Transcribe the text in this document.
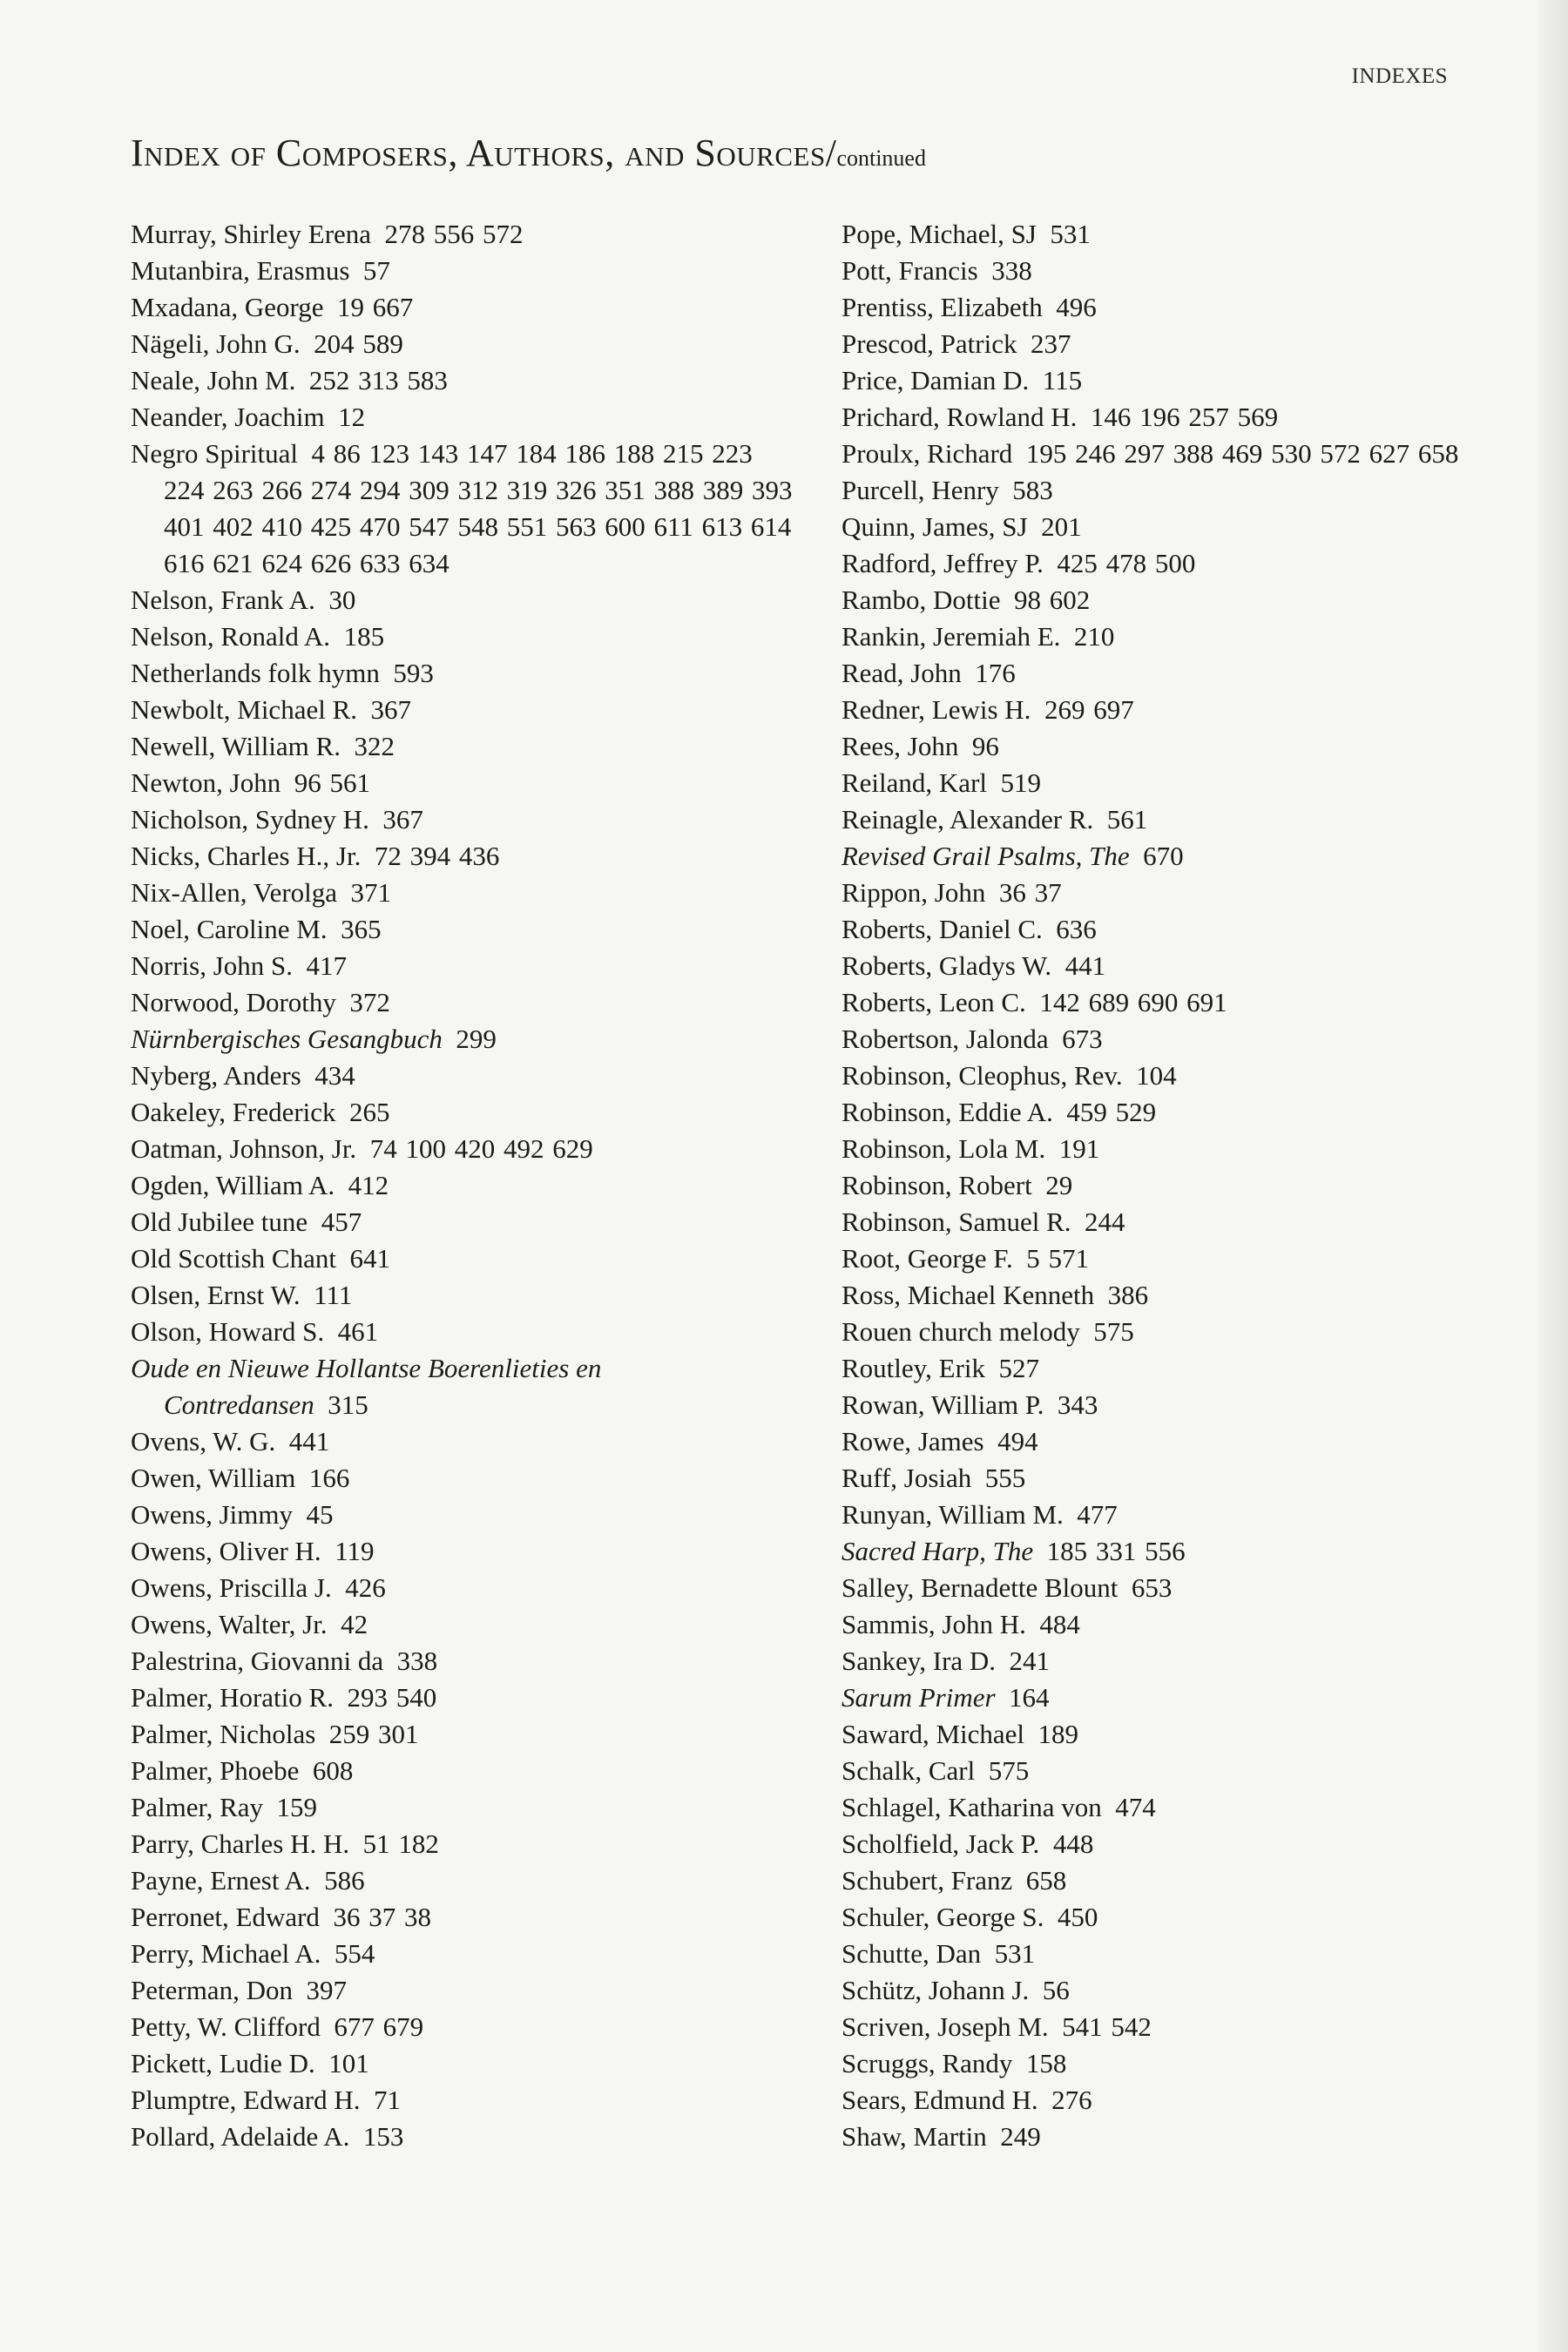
INDEXES
Index of Composers, Authors, and Sources/continued
Murray, Shirley Erena 278 556 572
Mutanbira, Erasmus 57
Mxadana, George 19 667
Nägeli, John G. 204 589
Neale, John M. 252 313 583
Neander, Joachim 12
Negro Spiritual 4 86 123 143 147 184 186 188 215 223 224 263 266 274 294 309 312 319 326 351 388 389 393 401 402 410 425 470 547 548 551 563 600 611 613 614 616 621 624 626 633 634
Nelson, Frank A. 30
Nelson, Ronald A. 185
Netherlands folk hymn 593
Newbolt, Michael R. 367
Newell, William R. 322
Newton, John 96 561
Nicholson, Sydney H. 367
Nicks, Charles H., Jr. 72 394 436
Nix-Allen, Verolga 371
Noel, Caroline M. 365
Norris, John S. 417
Norwood, Dorothy 372
Nürnbergisches Gesangbuch 299
Nyberg, Anders 434
Oakeley, Frederick 265
Oatman, Johnson, Jr. 74 100 420 492 629
Ogden, William A. 412
Old Jubilee tune 457
Old Scottish Chant 641
Olsen, Ernst W. 111
Olson, Howard S. 461
Oude en Nieuwe Hollantse Boerenlieties en Contredansen 315
Ovens, W. G. 441
Owen, William 166
Owens, Jimmy 45
Owens, Oliver H. 119
Owens, Priscilla J. 426
Owens, Walter, Jr. 42
Palestrina, Giovanni da 338
Palmer, Horatio R. 293 540
Palmer, Nicholas 259 301
Palmer, Phoebe 608
Palmer, Ray 159
Parry, Charles H. H. 51 182
Payne, Ernest A. 586
Perronet, Edward 36 37 38
Perry, Michael A. 554
Peterman, Don 397
Petty, W. Clifford 677 679
Pickett, Ludie D. 101
Plumptre, Edward H. 71
Pollard, Adelaide A. 153
Pope, Michael, SJ 531
Pott, Francis 338
Prentiss, Elizabeth 496
Prescod, Patrick 237
Price, Damian D. 115
Prichard, Rowland H. 146 196 257 569
Proulx, Richard 195 246 297 388 469 530 572 627 658
Purcell, Henry 583
Quinn, James, SJ 201
Radford, Jeffrey P. 425 478 500
Rambo, Dottie 98 602
Rankin, Jeremiah E. 210
Read, John 176
Redner, Lewis H. 269 697
Rees, John 96
Reiland, Karl 519
Reinagle, Alexander R. 561
Revised Grail Psalms, The 670
Rippon, John 36 37
Roberts, Daniel C. 636
Roberts, Gladys W. 441
Roberts, Leon C. 142 689 690 691
Robertson, Jalonda 673
Robinson, Cleophus, Rev. 104
Robinson, Eddie A. 459 529
Robinson, Lola M. 191
Robinson, Robert 29
Robinson, Samuel R. 244
Root, George F. 5 571
Ross, Michael Kenneth 386
Rouen church melody 575
Routley, Erik 527
Rowan, William P. 343
Rowe, James 494
Ruff, Josiah 555
Runyan, William M. 477
Sacred Harp, The 185 331 556
Salley, Bernadette Blount 653
Sammis, John H. 484
Sankey, Ira D. 241
Sarum Primer 164
Saward, Michael 189
Schalk, Carl 575
Schlagel, Katharina von 474
Scholfield, Jack P. 448
Schubert, Franz 658
Schuler, George S. 450
Schutte, Dan 531
Schütz, Johann J. 56
Scriven, Joseph M. 541 542
Scruggs, Randy 158
Sears, Edmund H. 276
Shaw, Martin 249
